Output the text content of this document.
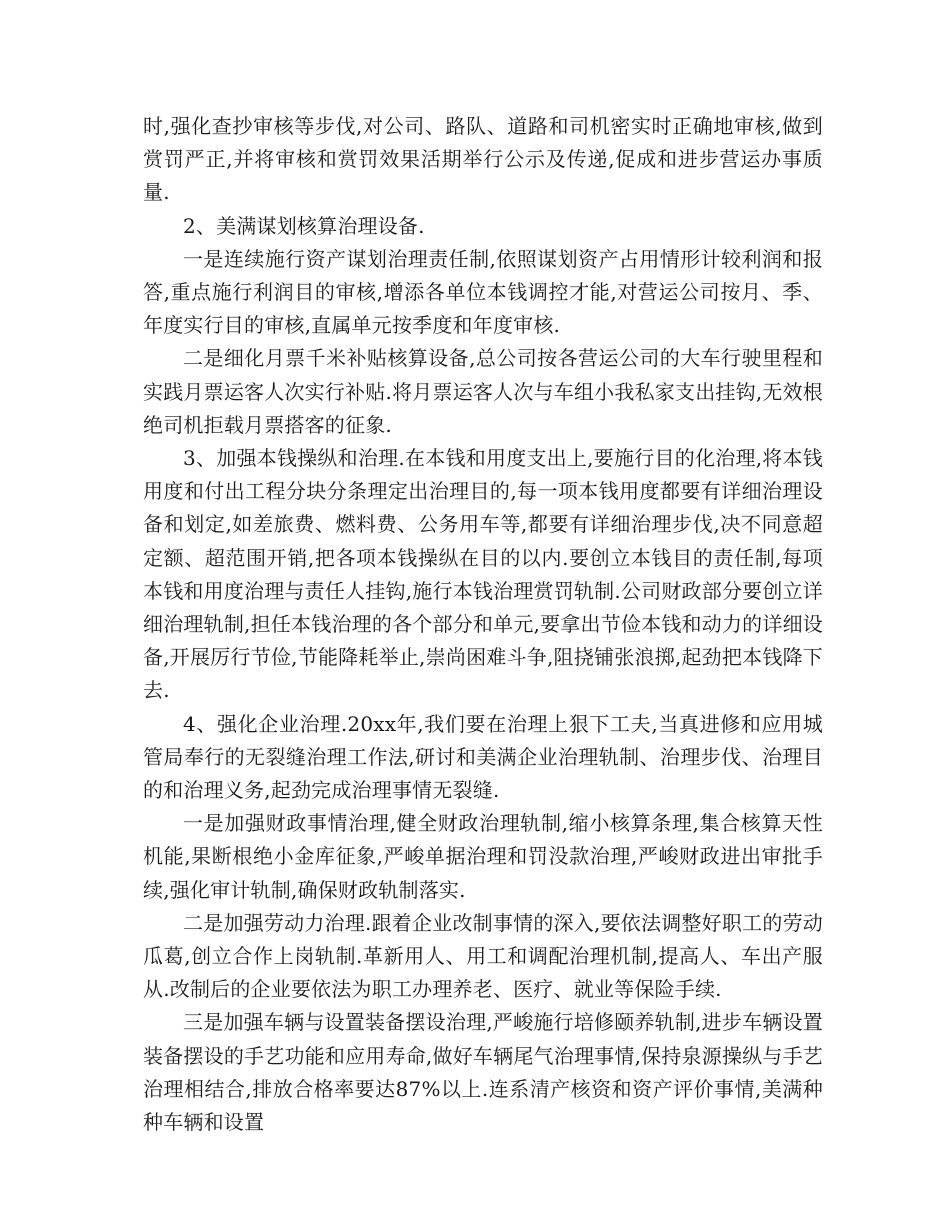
时,强化查抄审核等步伐,对公司、路队、道路和司机密实时正确地审核,做到赏罚严正,并将审核和赏罚效果活期举行公示及传递,促成和进步营运办事质量.

2、美满谋划核算治理设备.

一是连续施行资产谋划治理责任制,依照谋划资产占用情形计较利润和报答,重点施行利润目的审核,增添各单位本钱调控才能,对营运公司按月、季、年度实行目的审核,直属单元按季度和年度审核.

二是细化月票千米补贴核算设备,总公司按各营运公司的大车行驶里程和实践月票运客人次实行补贴.将月票运客人次与车组小我私家支出挂钩,无效根绝司机拒载月票搭客的征象.

3、加强本钱操纵和治理.在本钱和用度支出上,要施行目的化治理,将本钱用度和付出工程分块分条理定出治理目的,每一项本钱用度都要有详细治理设备和划定,如差旅费、燃料费、公务用车等,都要有详细治理步伐,决不同意超定额、超范围开销,把各项本钱操纵在目的以内.要创立本钱目的责任制,每项本钱和用度治理与责任人挂钩,施行本钱治理赏罚轨制.公司财政部分要创立详细治理轨制,担任本钱治理的各个部分和单元,要拿出节俭本钱和动力的详细设备,开展厉行节俭,节能降耗举止,崇尚困难斗争,阻挠铺张浪掷,起劲把本钱降下去.

4、强化企业治理.20xx年,我们要在治理上狠下工夫,当真进修和应用城管局奉行的无裂缝治理工作法,研讨和美满企业治理轨制、治理步伐、治理目的和治理义务,起劲完成治理事情无裂缝.

一是加强财政事情治理,健全财政治理轨制,缩小核算条理,集合核算天性机能,果断根绝小金库征象,严峻单据治理和罚没款治理,严峻财政进出审批手续,强化审计轨制,确保财政轨制落实.

二是加强劳动力治理.跟着企业改制事情的深入,要依法调整好职工的劳动瓜葛,创立合作上岗轨制.革新用人、用工和调配治理机制,提高人、车出产服从.改制后的企业要依法为职工办理养老、医疗、就业等保险手续.

三是加强车辆与设置装备摆设治理,严峻施行培修颐养轨制,进步车辆设置装备摆设的手艺功能和应用寿命,做好车辆尾气治理事情,保持泉源操纵与手艺治理相结合,排放合格率要达87%以上.连系清产核资和资产评价事情,美满种种车辆和设置
